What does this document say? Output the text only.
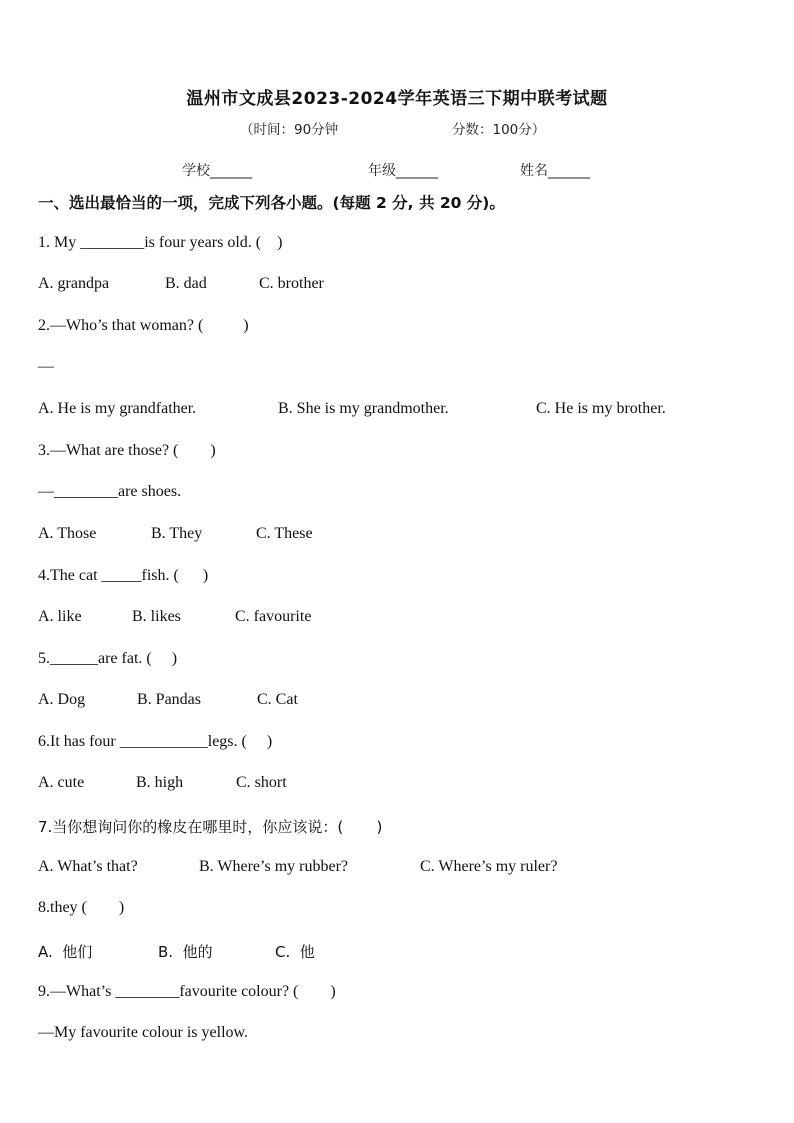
温州市文成县2023-2024学年英语三下期中联考试题
（时间：90分钟	分数：100分）
学校______	年级______	姓名______
一、选出最恰当的一项，完成下列各小题。(每题 2 分, 共 20 分)。
1. My ________is four years old. (    )
A. grandpa	B. dad	C. brother
2.—Who’s that woman? (          )
—
A. He is my grandfather.	B. She is my grandmother.	C. He is my brother.
3.—What are those? (        )
—________are shoes.
A. Those	B. They	C. These
4.The cat _____fish. (      )
A. like	B. likes	C. favourite
5.______are fat. (     )
A. Dog	B. Pandas	C. Cat
6.It has four ___________legs. (     )
A. cute	B. high	C. short
7.当你想询问你的橡皮在哪里时，你应该说：(       )
A. What’s that?	B. Where’s my rubber?	C. Where’s my ruler?
8.they (        )
A.  他们	B.  他的	C.  他
9.—What’s ________favourite colour? (        )
—My favourite colour is yellow.
